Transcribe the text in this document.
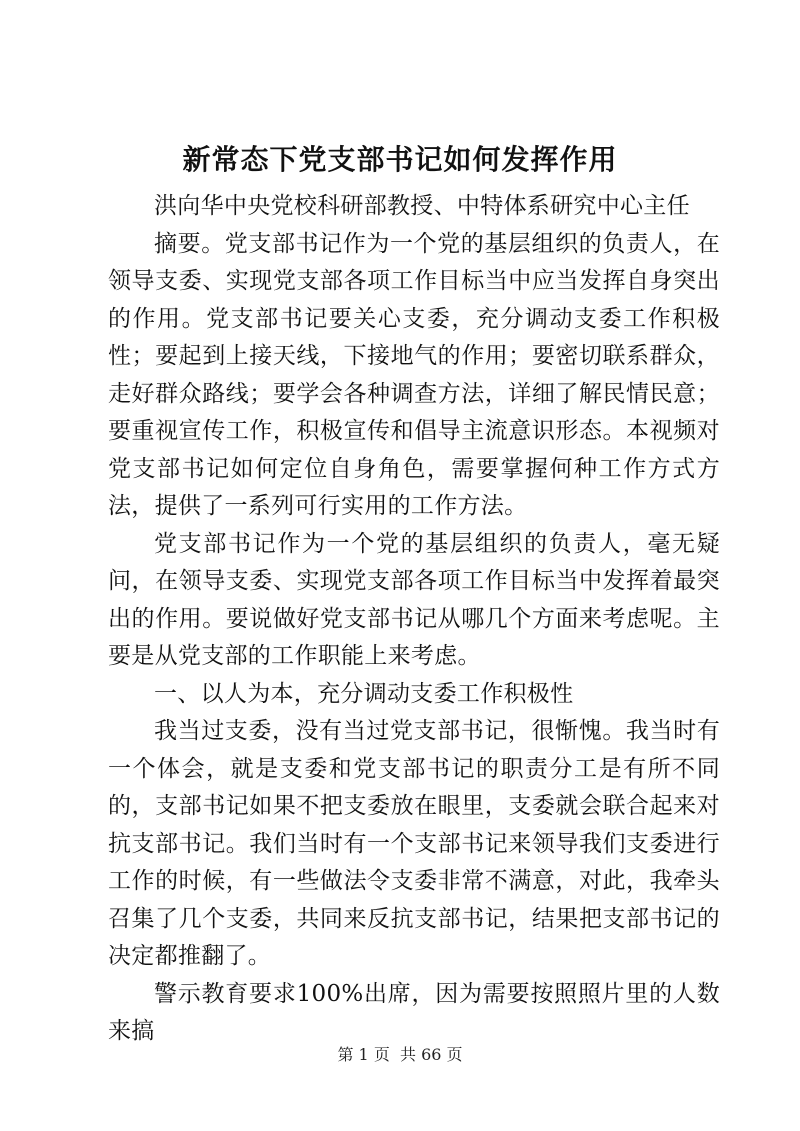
新常态下党支部书记如何发挥作用

洪向华中央党校科研部教授、中特体系研究中心主任

摘要。党支部书记作为一个党的基层组织的负责人，在领导支委、实现党支部各项工作目标当中应当发挥自身突出的作用。党支部书记要关心支委，充分调动支委工作积极性；要起到上接天线，下接地气的作用；要密切联系群众，走好群众路线；要学会各种调查方法，详细了解民情民意；要重视宣传工作，积极宣传和倡导主流意识形态。本视频对党支部书记如何定位自身角色，需要掌握何种工作方式方法，提供了一系列可行实用的工作方法。

党支部书记作为一个党的基层组织的负责人，毫无疑问，在领导支委、实现党支部各项工作目标当中发挥着最突出的作用。要说做好党支部书记从哪几个方面来考虑呢。主要是从党支部的工作职能上来考虑。

一、以人为本，充分调动支委工作积极性

我当过支委，没有当过党支部书记，很惭愧。我当时有一个体会，就是支委和党支部书记的职责分工是有所不同的，支部书记如果不把支委放在眼里，支委就会联合起来对抗支部书记。我们当时有一个支部书记来领导我们支委进行工作的时候，有一些做法令支委非常不满意，对此，我牵头召集了几个支委，共同来反抗支部书记，结果把支部书记的决定都推翻了。

警示教育要求100%出席，因为需要按照照片里的人数来搞

第 1 页  共 66 页
